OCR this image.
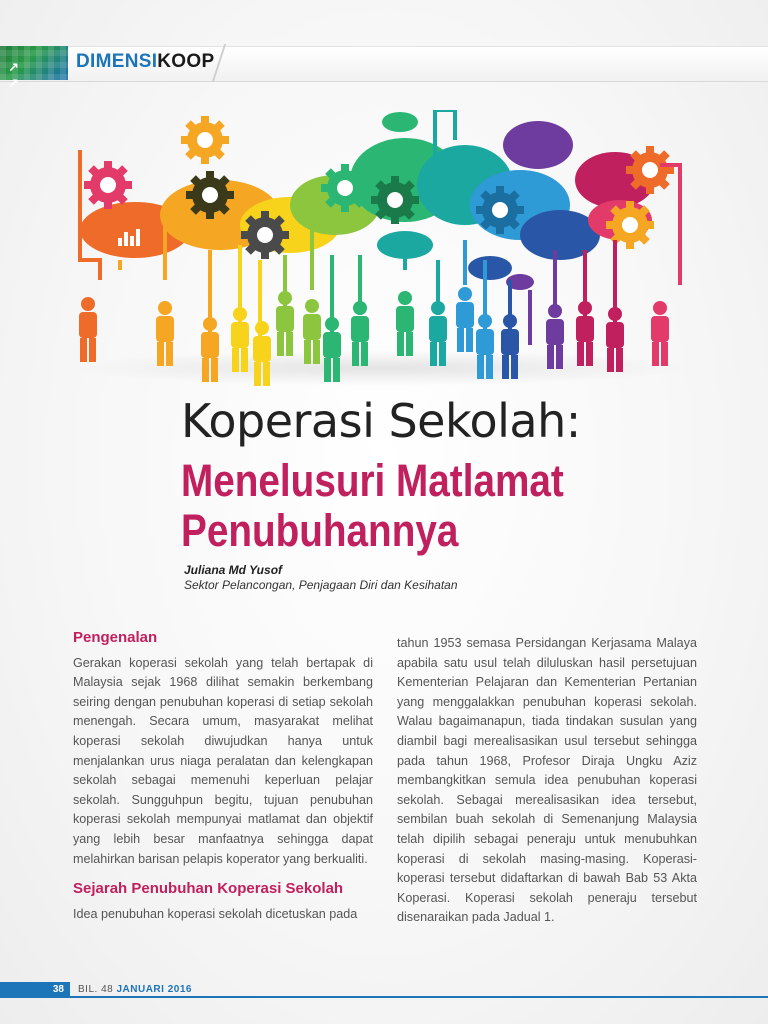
↗ ↗
DIMENSIKOOP
Koperasi Sekolah:
Menelusuri Matlamat
Penubuhannya
Juliana Md Yusof
Sektor Pelancongan, Penjagaan Diri dan Kesihatan
Pengenalan

Gerakan koperasi sekolah yang telah bertapak di Malaysia sejak 1968 dilihat semakin berkembang seiring dengan penubuhan koperasi di setiap sekolah menengah. Secara umum, masyarakat melihat koperasi sekolah diwujudkan hanya untuk menjalankan urus niaga peralatan dan kelengkapan sekolah sebagai memenuhi keperluan pelajar sekolah. Sungguhpun begitu, tujuan penubuhan koperasi sekolah mempunyai matlamat dan objektif yang lebih besar manfaatnya sehingga dapat melahirkan barisan pelapis koperator yang berkualiti.

Sejarah Penubuhan Koperasi Sekolah

Idea penubuhan koperasi sekolah dicetuskan pada

tahun 1953 semasa Persidangan Kerjasama Malaya apabila satu usul telah diluluskan hasil persetujuan Kementerian Pelajaran dan Kementerian Pertanian yang menggalakkan penubuhan koperasi sekolah. Walau bagaimanapun, tiada tindakan susulan yang diambil bagi merealisasikan usul tersebut sehingga pada tahun 1968, Profesor Diraja Ungku Aziz membangkitkan semula idea penubuhan koperasi sekolah. Sebagai merealisasikan idea tersebut, sembilan buah sekolah di Semenanjung Malaysia telah dipilih sebagai peneraju untuk menubuhkan koperasi di sekolah masing-masing. Koperasi-koperasi tersebut didaftarkan di bawah Bab 53 Akta Koperasi. Koperasi sekolah peneraju tersebut disenaraikan pada Jadual 1.

38	BIL. 48 JANUARI 2016
